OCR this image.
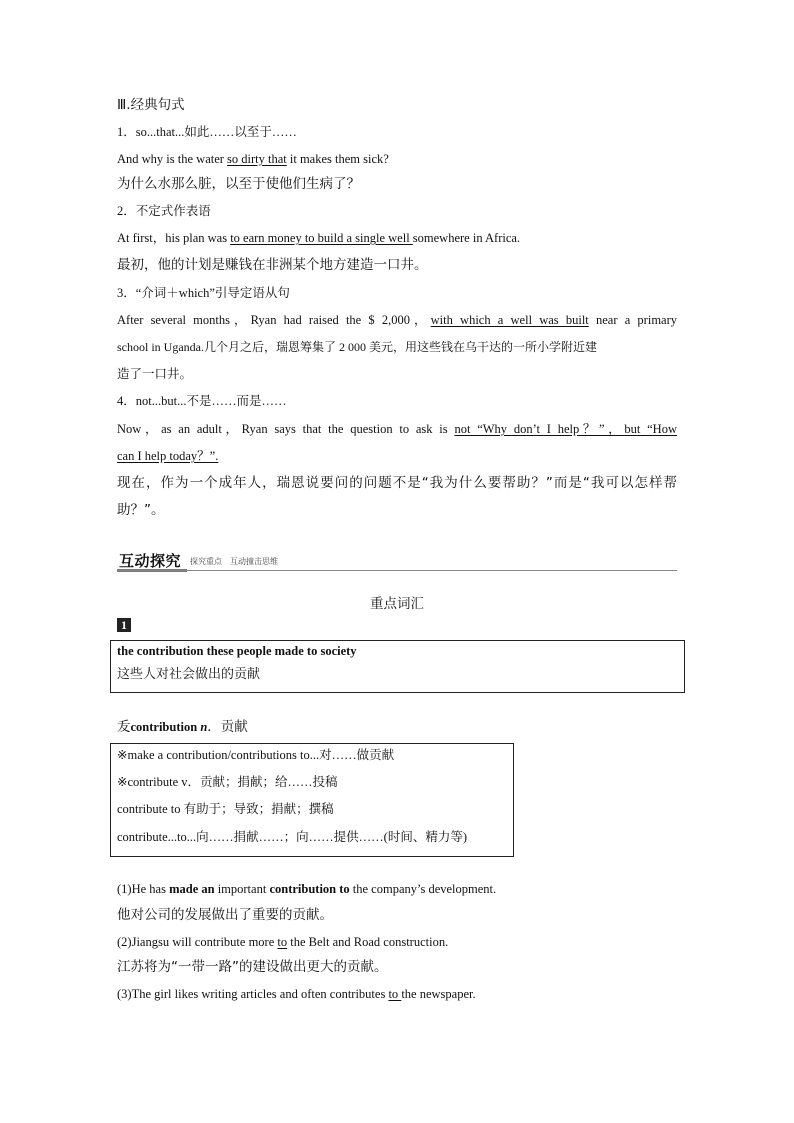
Ⅲ.经典句式
1．so...that...如此……以至于……
And why is the water so dirty that it makes them sick?
为什么水那么脏，以至于使他们生病了？
2．不定式作表语
At first，his plan was to earn money to build a single well somewhere in Africa.
最初，他的计划是赚钱在非洲某个地方建造一口井。
3．“介词＋which”引导定语从句
After several months，Ryan had raised the $ 2,000，with which a well was built near a primary
school in Uganda.几个月之后，瑞恩筹集了 2 000 美元，用这些钱在乌干达的一所小学附近建
造了一口井。
4．not...but...不是……而是……
Now，as an adult，Ryan says that the question to ask is not “Why don’t I help？”，but “How
can I help today？”.
现在，作为一个成年人，瑞恩说要问的问题不是“我为什么要帮助？”而是“我可以怎样帮
助？”。
互动探究 探究重点　互动撞击思维
重点词汇
1
the contribution these people made to society
这些人对社会做出的贡献
叐contribution n．贡献
※make a contribution/contributions to...对……做贡献
※contribute v．贡献；捐献；给……投稿
contribute to 有助于；导致；捐献；撰稿
contribute...to...向……捐献……；向……提供……(时间、精力等)
(1)He has made an important contribution to the company’s development.
他对公司的发展做出了重要的贡献。
(2)Jiangsu will contribute more to the Belt and Road construction.
江苏将为“一带一路”的建设做出更大的贡献。
(3)The girl likes writing articles and often contributes to the newspaper.
